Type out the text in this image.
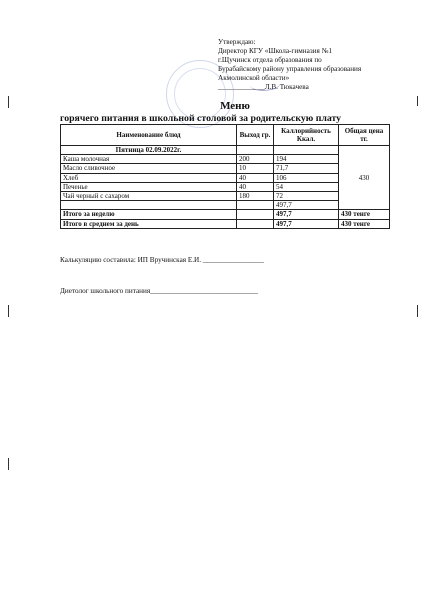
Утверждаю:
Директор КГУ «Школа-гимназия №1
г.Щучинск отдела образования по
Бурабайскому району управления образования
Акмолинской области»
_____________Л.В. Тюкачева
Меню
горячего питания в школьной столовой за родительскую плату
Наименование блюд	Выход гр.	Каллорийность Ккал.	Общая цена тг.
Пятница 02.09.2022г.			430
Каша молочная	200	194	
Масло сливочное	10	71,7	
Хлеб	40	106	
Печенье	40	54	
Чай черный с сахаром	180	72	
		497,7	
Итого за неделю		497,7	430 тенге
Итого в среднем за день		497,7	430 тенге
Калькуляцию составила: ИП Вручинская Е.И. _________________
Диетолог школьного питания______________________________
